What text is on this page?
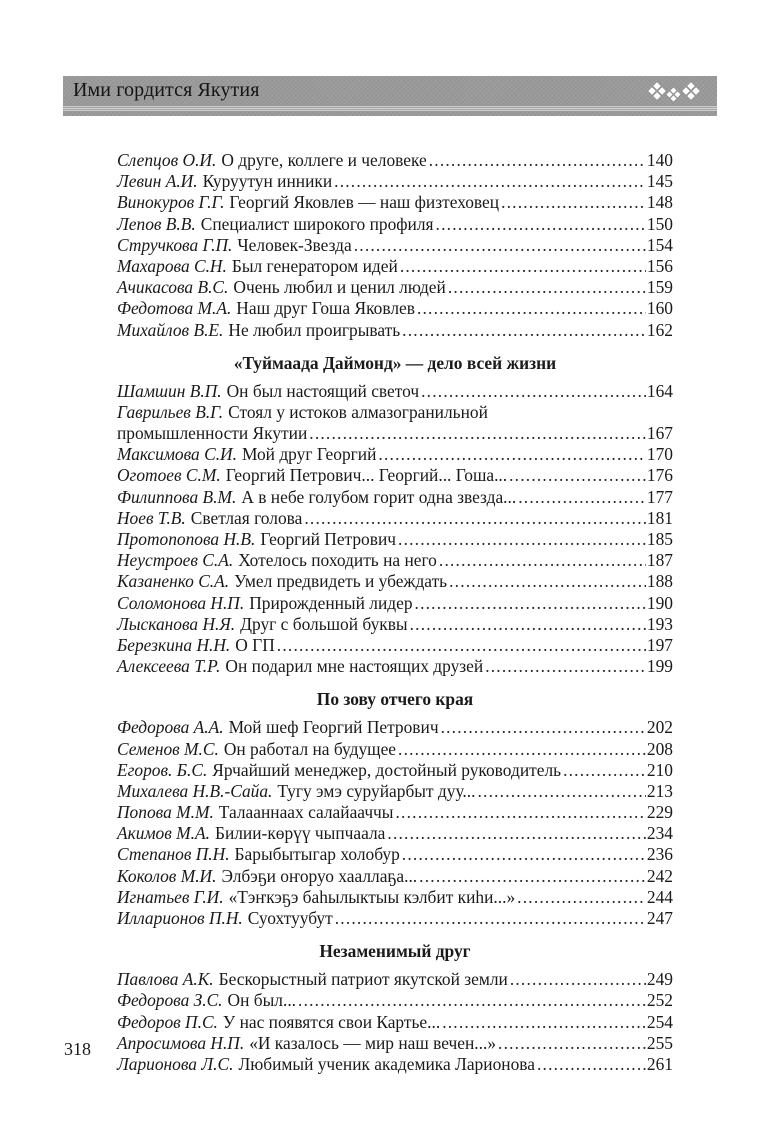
Ими гордится Якутия
Слепцов О.И. О друге, коллеге и человеке .....	140
Левин А.И. Куруутун инники .....	145
Винокуров Г.Г. Георгий Яковлев — наш физтеховец .....	148
Лепов В.В. Специалист широкого профиля .....	150
Стручкова Г.П. Человек-Звезда .....	154
Махарова С.Н. Был генератором идей .....	156
Ачикасова В.С. Очень любил и ценил людей .....	159
Федотова М.А. Наш друг Гоша Яковлев .....	160
Михайлов В.Е. Не любил проигрывать .....	162
«Туймаада Даймонд» — дело всей жизни
Шамшин В.П. Он был настоящий светоч .....	164
Гаврильев В.Г. Стоял у истоков алмазогранильной
промышленности Якутии .....	167
Максимова С.И. Мой друг Георгий .....	170
Оготоев С.М. Георгий Петрович... Георгий... Гоша... .....	176
Филиппова В.М. А в небе голубом горит одна звезда... .....	177
Ноев Т.В. Светлая голова .....	181
Протопопова Н.В. Георгий Петрович .....	185
Неустроев С.А. Хотелось походить на него .....	187
Казаненко С.А. Умел предвидеть и убеждать .....	188
Соломонова Н.П. Прирожденный лидер .....	190
Лысканова Н.Я. Друг с большой буквы .....	193
Березкина Н.Н. О ГП .....	197
Алексеева Т.Р. Он подарил мне настоящих друзей .....	199
По зову отчего края
Федорова А.А. Мой шеф Георгий Петрович .....	202
Семенов М.С. Он работал на будущее .....	208
Егоров. Б.С. Ярчайший менеджер, достойный руководитель .....	210
Михалева Н.В.-Сайа. Тугу эмэ суруйарбыт дуу... .....	213
Попова М.М. Талааннаах салайааччы .....	229
Акимов М.А. Билии-көрүү чыпчаала .....	234
Степанов П.Н. Барыбытыгар холобур .....	236
Коколов М.И. Элбэҕи оҥоруо хааллаҕа... .....	242
Игнатьев Г.И. «Тэҥкэҕэ баһылыктыы кэлбит киһи...» .....	244
Илларионов П.Н. Суохтуубут .....	247
Незаменимый друг
Павлова А.К. Бескорыстный патриот якутской земли .....	249
Федорова З.С. Он был... .....	252
Федоров П.С. У нас появятся свои Картье... .....	254
Апросимова Н.П. «И казалось — мир наш вечен...» .....	255
Ларионова Л.С. Любимый ученик академика Ларионова .....	261
318
